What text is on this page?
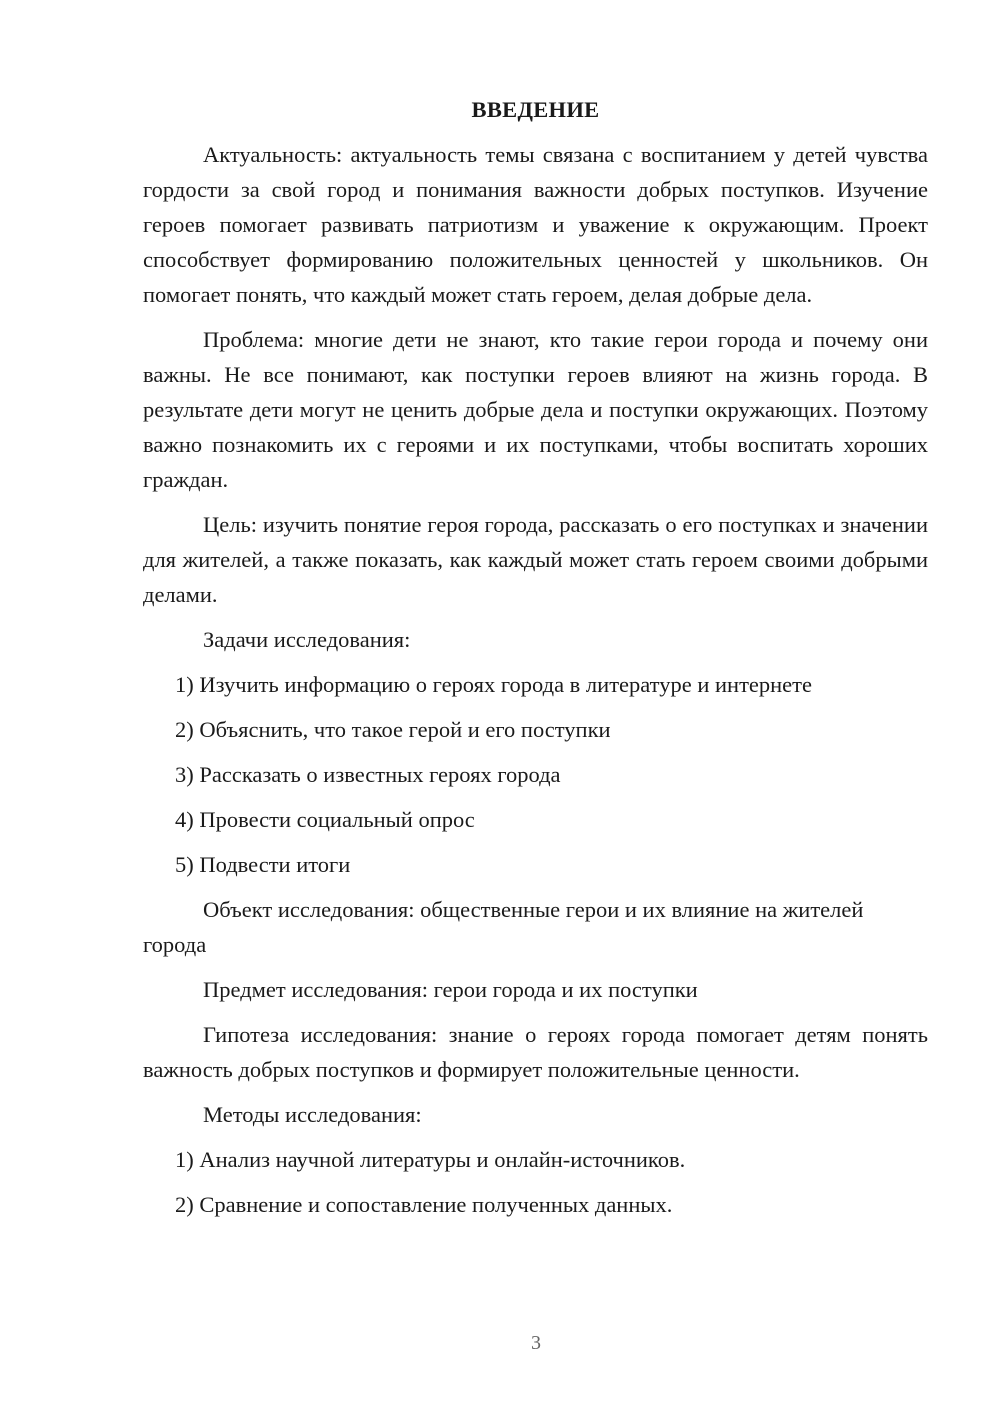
ВВЕДЕНИЕ

Актуальность: актуальность темы связана с воспитанием у детей чувства гордости за свой город и понимания важности добрых поступков. Изучение героев помогает развивать патриотизм и уважение к окружающим. Проект способствует формированию положительных ценностей у школьников. Он помогает понять, что каждый может стать героем, делая добрые дела.

Проблема: многие дети не знают, кто такие герои города и почему они важны. Не все понимают, как поступки героев влияют на жизнь города. В результате дети могут не ценить добрые дела и поступки окружающих. Поэтому важно познакомить их с героями и их поступками, чтобы воспитать хороших граждан.

Цель: изучить понятие героя города, рассказать о его поступках и значении для жителей, а также показать, как каждый может стать героем своими добрыми делами.

Задачи исследования:

1) Изучить информацию о героях города в литературе и интернете

2) Объяснить, что такое герой и его поступки

3) Рассказать о известных героях города

4) Провести социальный опрос

5) Подвести итоги

Объект исследования: общественные герои и их влияние на жителей города

Предмет исследования: герои города и их поступки

Гипотеза исследования: знание о героях города помогает детям понять важность добрых поступков и формирует положительные ценности.

Методы исследования:

1) Анализ научной литературы и онлайн-источников.

2) Сравнение и сопоставление полученных данных.

3
